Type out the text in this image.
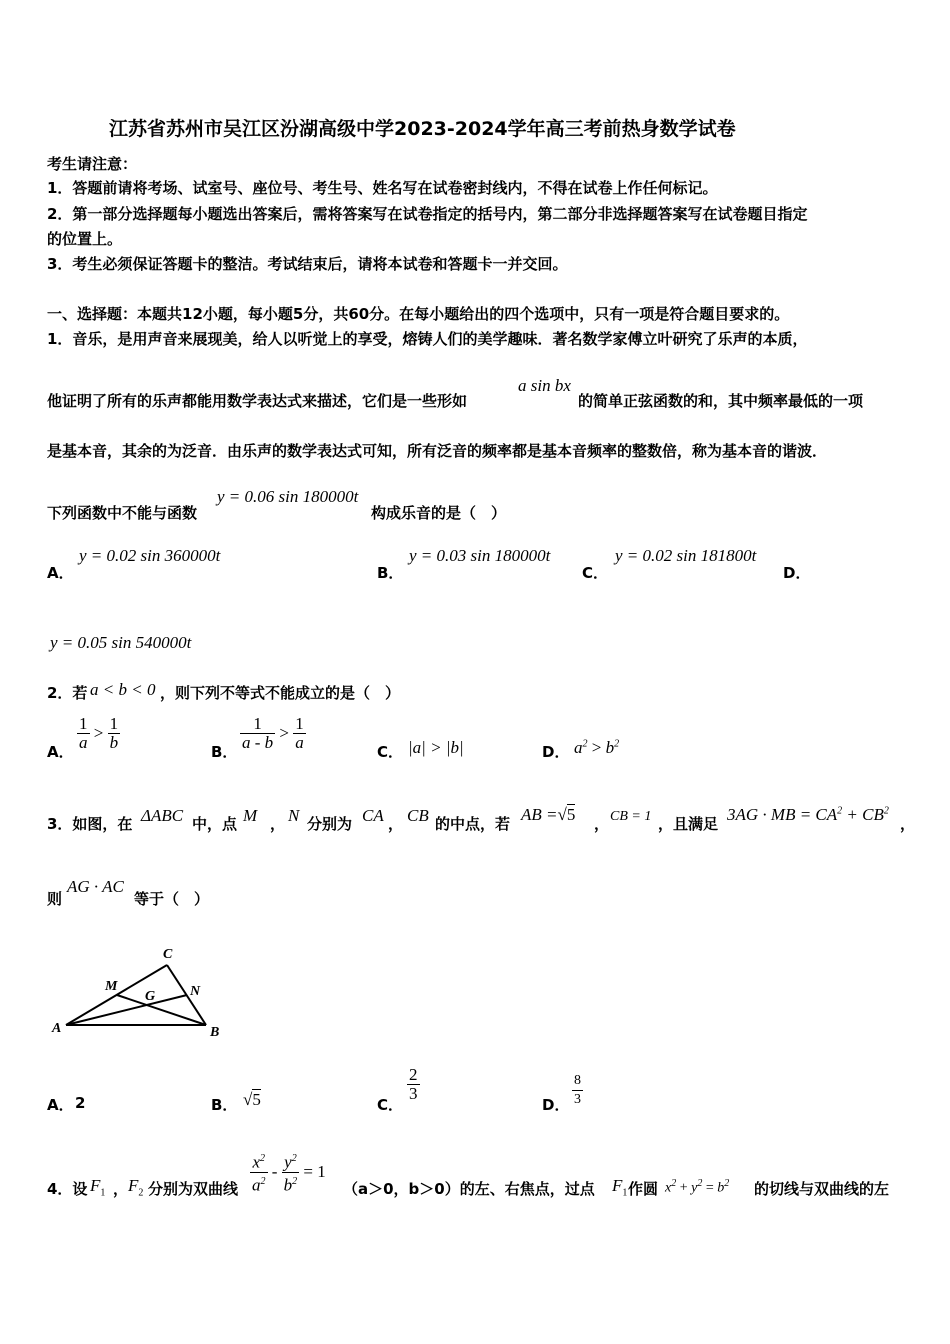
江苏省苏州市吴江区汾湖高级中学2023-2024学年高三考前热身数学试卷
考生请注意：
1．答题前请将考场、试室号、座位号、考生号、姓名写在试卷密封线内，不得在试卷上作任何标记。
2．第一部分选择题每小题选出答案后，需将答案写在试卷指定的括号内，第二部分非选择题答案写在试卷题目指定
的位置上。
3．考生必须保证答题卡的整洁。考试结束后，请将本试卷和答题卡一并交回。
一、选择题：本题共12小题，每小题5分，共60分。在每小题给出的四个选项中，只有一项是符合题目要求的。
1．音乐，是用声音来展现美，给人以听觉上的享受，熔铸人们的美学趣味．著名数学家傅立叶研究了乐声的本质，
他证明了所有的乐声都能用数学表达式来描述，它们是一些形如
a sin bx
的简单正弦函数的和，其中频率最低的一项
是基本音，其余的为泛音．由乐声的数学表达式可知，所有泛音的频率都是基本音频率的整数倍，称为基本音的谐波．
下列函数中不能与函数
y = 0.06 sin 180000t
构成乐音的是（　）
A．
y = 0.02 sin 360000t
B．
y = 0.03 sin 180000t
C．
y = 0.02 sin 181800t
D．
y = 0.05 sin 540000t
2．若 a < b < 0 ，则下列不等式不能成立的是（　）
A． $\frac{1}{a} > \frac{1}{b}$	B． $\frac{1}{a - b} > \frac{1}{a}$	C． |a| > |b|	D． $a^2 > b^2$
3．如图，在 ΔABC 中，点 M ， N 分别为 CA ， CB 的中点，若 AB =√5 ， CB = 1 ，且满足 3AG · MB = $CA^2 + CB^2$
，
则
AG · AC
等于（　）
A	B
C
M	N
G
A． 2	B． √5	C．
$\frac{2}{3}$
D． $\frac{8}{3}$
4．设 $F_1$ ， $F_2$ 分别为双曲线 $\frac{x^2}{a^2} - \frac{y^2}{b^2} = 1$
（a＞0，b＞0）的左、右焦点，过点 $F_1$ 作圆 $x^2 + y^2 = b^2$ 的切线与双曲线的左
